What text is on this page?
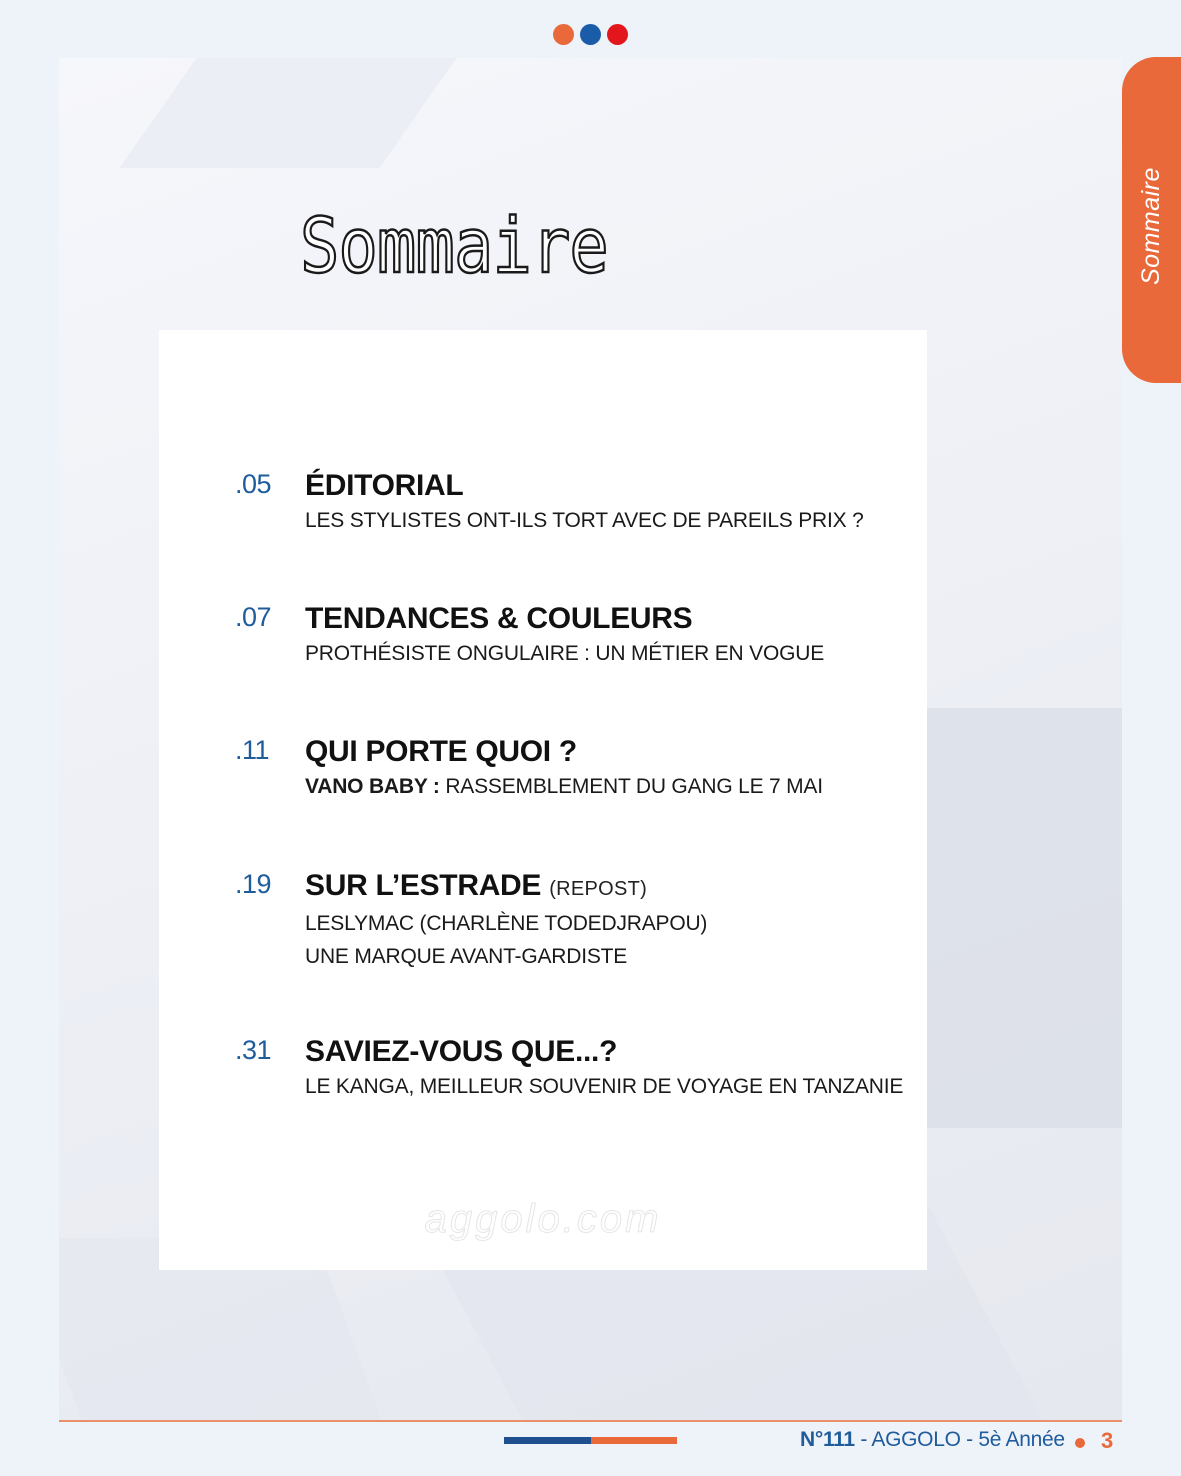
Sommaire
Sommaire
.05 ÉDITORIAL
LES STYLISTES ONT-ILS TORT AVEC DE PAREILS PRIX ?
.07 TENDANCES & COULEURS
PROTHÉSISTE ONGULAIRE : UN MÉTIER EN VOGUE
.11 QUI PORTE QUOI ?
VANO BABY : RASSEMBLEMENT DU GANG LE 7 MAI
.19 SUR L’ESTRADE (REPOST)
LESLYMAC (CHARLÈNE TODEDJRAPOU)
UNE MARQUE AVANT-GARDISTE
.31 SAVIEZ-VOUS QUE...?
LE KANGA, MEILLEUR SOUVENIR DE VOYAGE EN TANZANIE
aggolo.com
N°111 - AGGOLO - 5è Année 3
